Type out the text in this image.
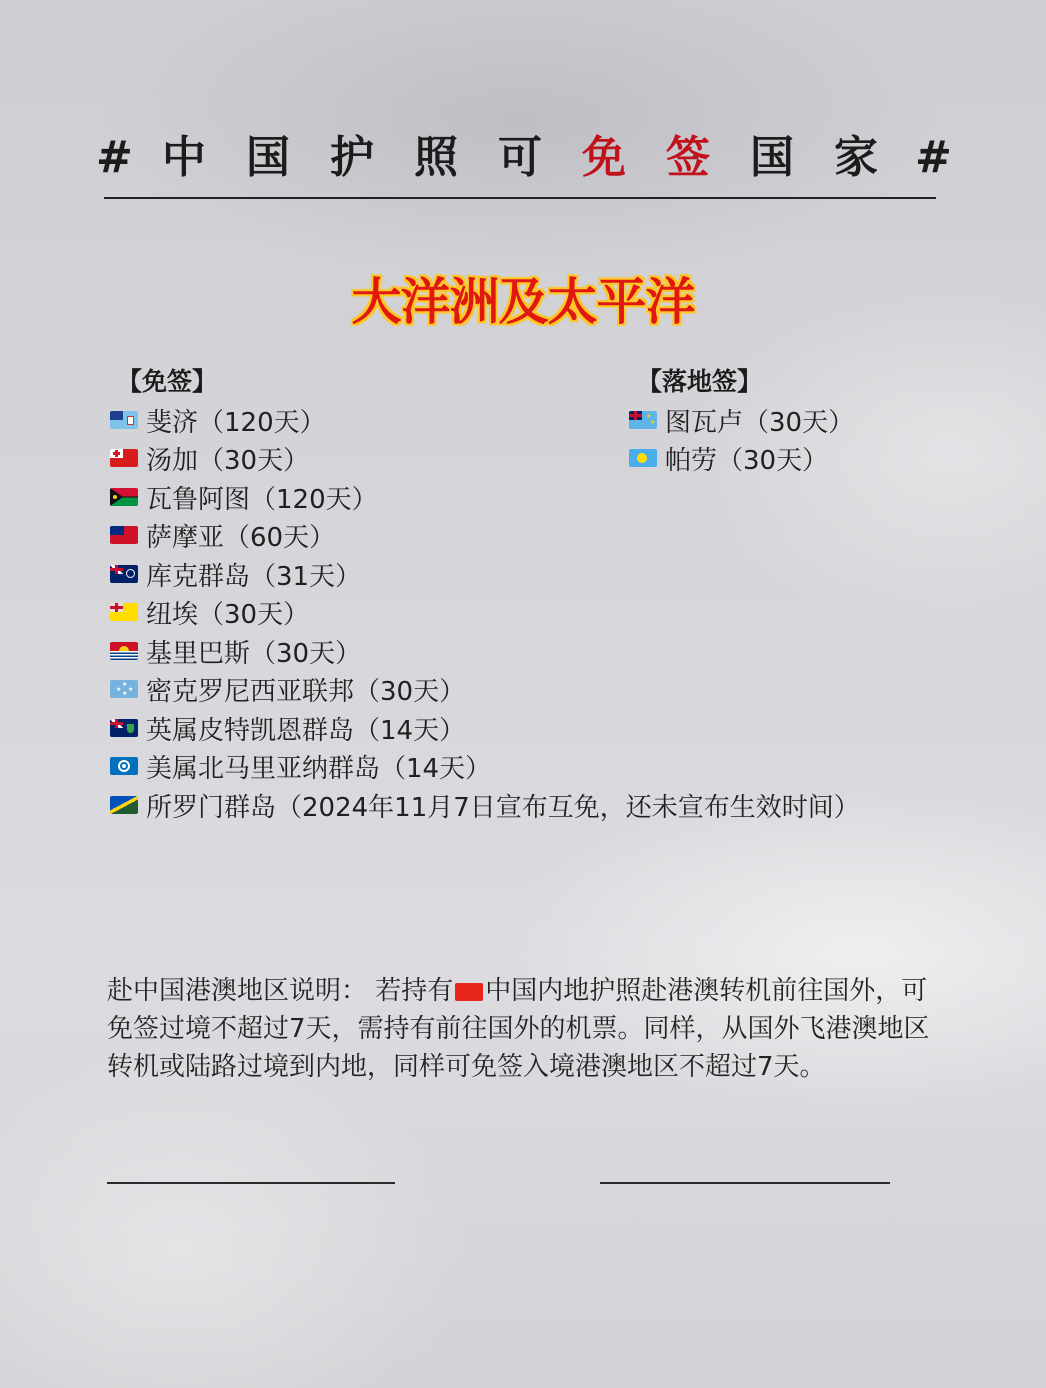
# 中 国 护 照 可 免 签 国 家 #
大洋洲及太平洋
【免签】
斐济（120天）
汤加（30天）
瓦鲁阿图（120天）
萨摩亚（60天）
库克群岛（31天）
纽埃（30天）
基里巴斯（30天）
★
★ ★
★ 密克罗尼西亚联邦（30天）
英属皮特凯恩群岛（14天）
美属北马里亚纳群岛（14天）
所罗门群岛（2024年11月7日宣布互免，还未宣布生效时间）
【落地签】
★
★ 图瓦卢（30天）
帕劳（30天）
赴中国港澳地区说明： 若持有 中国内地护照赴港澳转机前往国外，可免签过境不超过7天，需持有前往国外的机票。同样，从国外飞港澳地区转机或陆路过境到内地，同样可免签入境港澳地区不超过7天。
